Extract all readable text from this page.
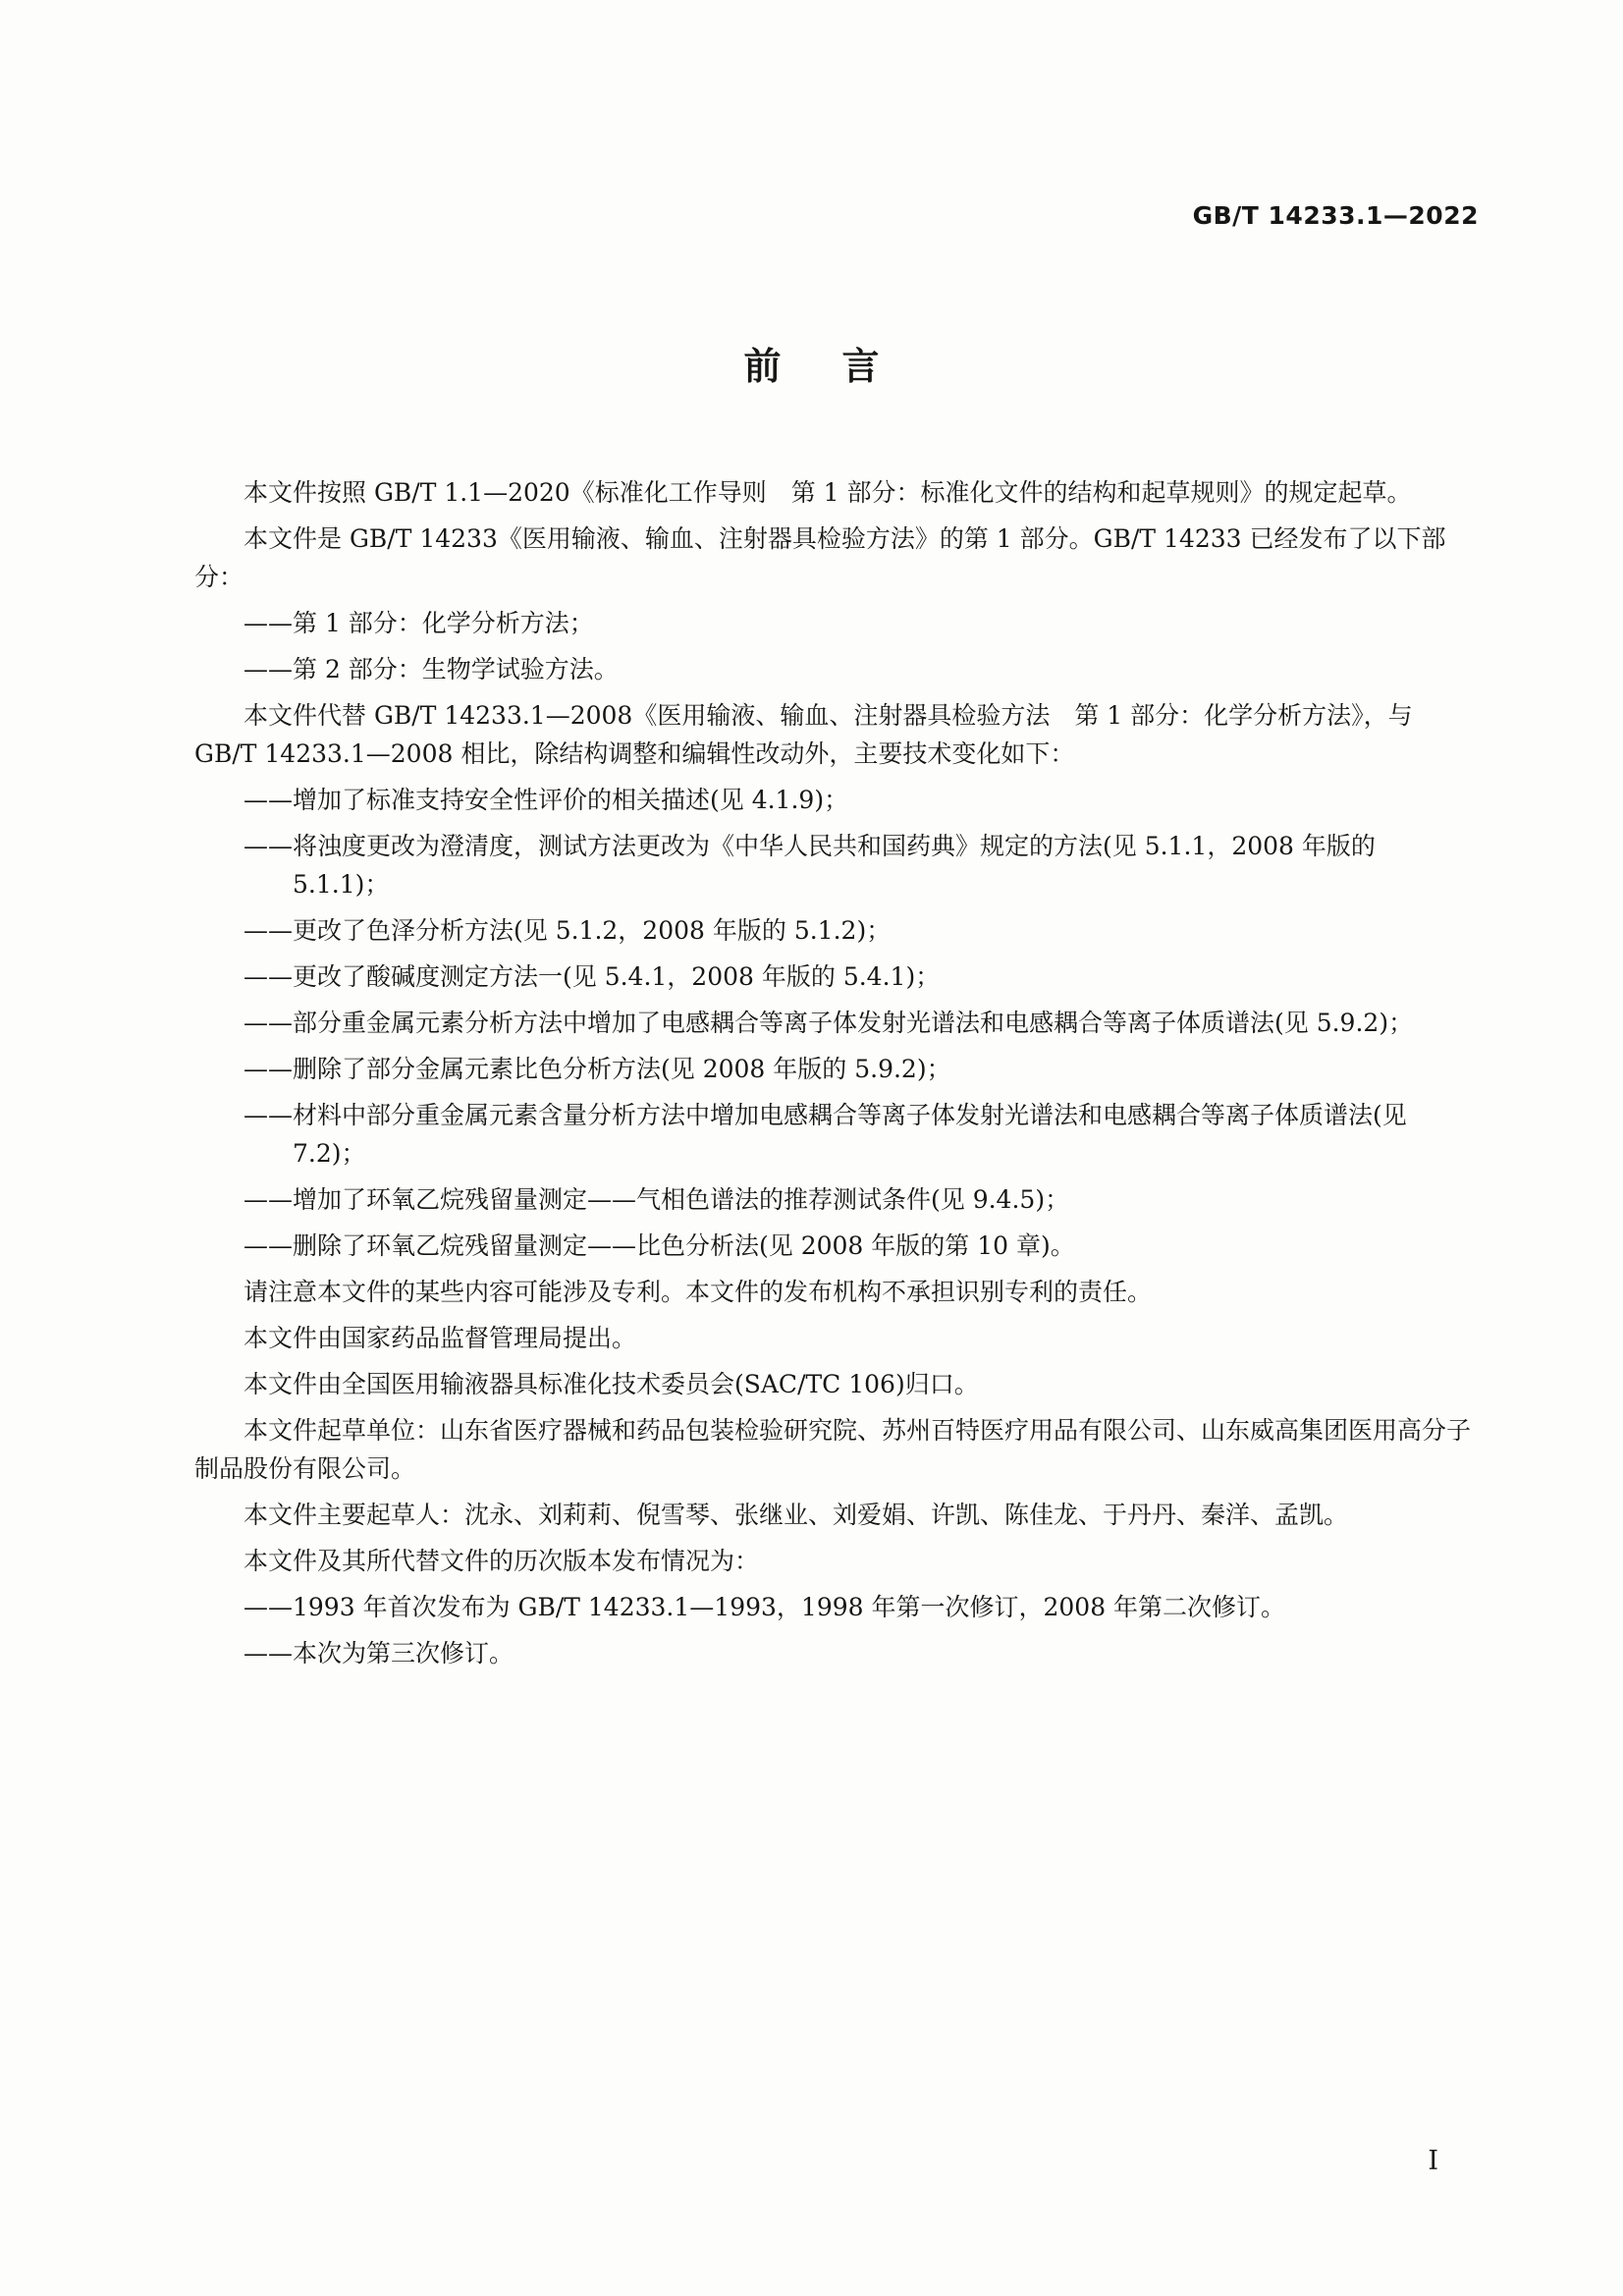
GB/T 14233.1—2022
前言

本文件按照 GB/T 1.1—2020《标准化工作导则　第 1 部分：标准化文件的结构和起草规则》的规定起草。

本文件是 GB/T 14233《医用输液、输血、注射器具检验方法》的第 1 部分。GB/T 14233 已经发布了以下部分：

——第 1 部分：化学分析方法；

——第 2 部分：生物学试验方法。

本文件代替 GB/T 14233.1—2008《医用输液、输血、注射器具检验方法　第 1 部分：化学分析方法》，与 GB/T 14233.1—2008 相比，除结构调整和编辑性改动外，主要技术变化如下：

——增加了标准支持安全性评价的相关描述(见 4.1.9)；

——将浊度更改为澄清度，测试方法更改为《中华人民共和国药典》规定的方法(见 5.1.1，2008 年版的 5.1.1)；

——更改了色泽分析方法(见 5.1.2，2008 年版的 5.1.2)；

——更改了酸碱度测定方法一(见 5.4.1，2008 年版的 5.4.1)；

——部分重金属元素分析方法中增加了电感耦合等离子体发射光谱法和电感耦合等离子体质谱法(见 5.9.2)；

——删除了部分金属元素比色分析方法(见 2008 年版的 5.9.2)；

——材料中部分重金属元素含量分析方法中增加电感耦合等离子体发射光谱法和电感耦合等离子体质谱法(见 7.2)；

——增加了环氧乙烷残留量测定——气相色谱法的推荐测试条件(见 9.4.5)；

——删除了环氧乙烷残留量测定——比色分析法(见 2008 年版的第 10 章)。

请注意本文件的某些内容可能涉及专利。本文件的发布机构不承担识别专利的责任。

本文件由国家药品监督管理局提出。

本文件由全国医用输液器具标准化技术委员会(SAC/TC 106)归口。

本文件起草单位：山东省医疗器械和药品包装检验研究院、苏州百特医疗用品有限公司、山东威高集团医用高分子制品股份有限公司。

本文件主要起草人：沈永、刘莉莉、倪雪琴、张继业、刘爱娟、许凯、陈佳龙、于丹丹、秦洋、孟凯。

本文件及其所代替文件的历次版本发布情况为：

——1993 年首次发布为 GB/T 14233.1—1993，1998 年第一次修订，2008 年第二次修订。

——本次为第三次修订。

I
